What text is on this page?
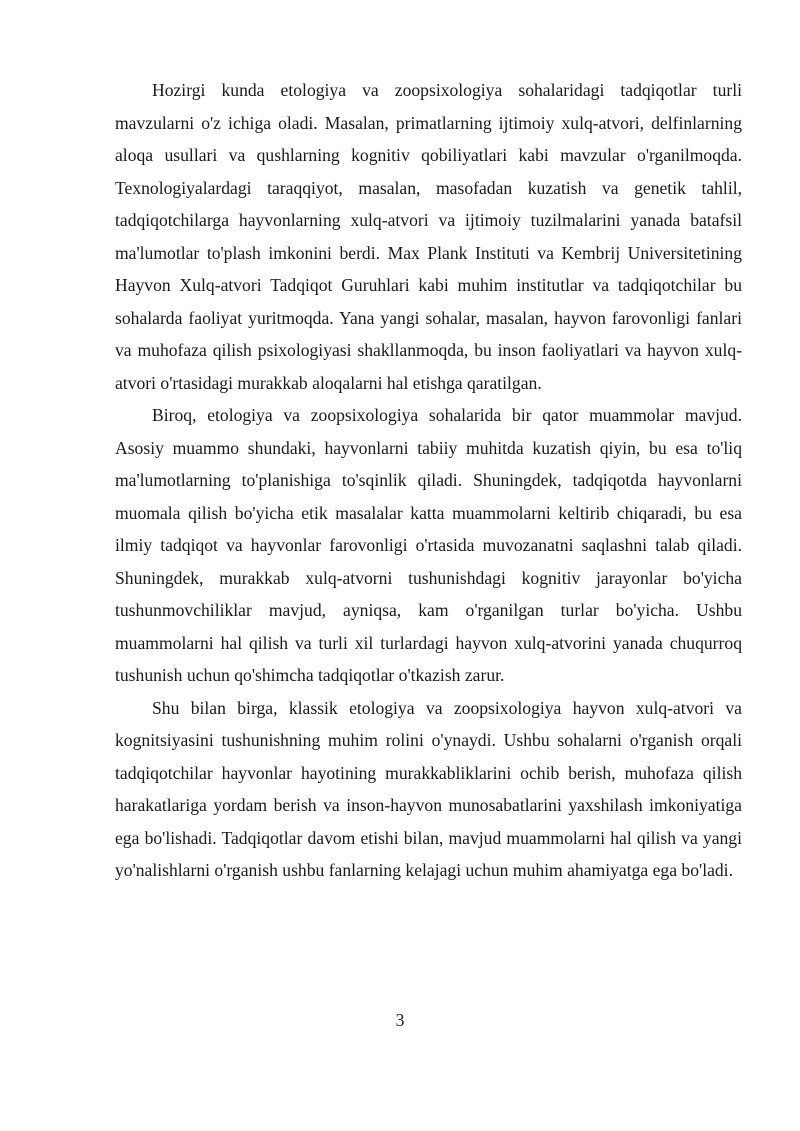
Hozirgi kunda etologiya va zoopsixologiya sohalaridagi tadqiqotlar turli mavzularni o'z ichiga oladi. Masalan, primatlarning ijtimoiy xulq-atvori, delfinlarning aloqa usullari va qushlarning kognitiv qobiliyatlari kabi mavzular o'rganilmoqda. Texnologiyalardagi taraqqiyot, masalan, masofadan kuzatish va genetik tahlil, tadqiqotchilarga hayvonlarning xulq-atvori va ijtimoiy tuzilmalarini yanada batafsil ma'lumotlar to'plash imkonini berdi. Max Plank Instituti va Kembrij Universitetining Hayvon Xulq-atvori Tadqiqot Guruhlari kabi muhim institutlar va tadqiqotchilar bu sohalarda faoliyat yuritmoqda. Yana yangi sohalar, masalan, hayvon farovonligi fanlari va muhofaza qilish psixologiyasi shakllanmoqda, bu inson faoliyatlari va hayvon xulq-atvori o'rtasidagi murakkab aloqalarni hal etishga qaratilgan.

Biroq, etologiya va zoopsixologiya sohalarida bir qator muammolar mavjud. Asosiy muammo shundaki, hayvonlarni tabiiy muhitda kuzatish qiyin, bu esa to'liq ma'lumotlarning to'planishiga to'sqinlik qiladi. Shuningdek, tadqiqotda hayvonlarni muomala qilish bo'yicha etik masalalar katta muammolarni keltirib chiqaradi, bu esa ilmiy tadqiqot va hayvonlar farovonligi o'rtasida muvozanatni saqlashni talab qiladi. Shuningdek, murakkab xulq-atvorni tushunishdagi kognitiv jarayonlar bo'yicha tushunmovchiliklar mavjud, ayniqsa, kam o'rganilgan turlar bo'yicha. Ushbu muammolarni hal qilish va turli xil turlardagi hayvon xulq-atvorini yanada chuqurroq tushunish uchun qo'shimcha tadqiqotlar o'tkazish zarur.

Shu bilan birga, klassik etologiya va zoopsixologiya hayvon xulq-atvori va kognitsiyasini tushunishning muhim rolini o'ynaydi. Ushbu sohalarni o'rganish orqali tadqiqotchilar hayvonlar hayotining murakkabliklarini ochib berish, muhofaza qilish harakatlariga yordam berish va inson-hayvon munosabatlarini yaxshilash imkoniyatiga ega bo'lishadi. Tadqiqotlar davom etishi bilan, mavjud muammolarni hal qilish va yangi yo'nalishlarni o'rganish ushbu fanlarning kelajagi uchun muhim ahamiyatga ega bo'ladi.

3
